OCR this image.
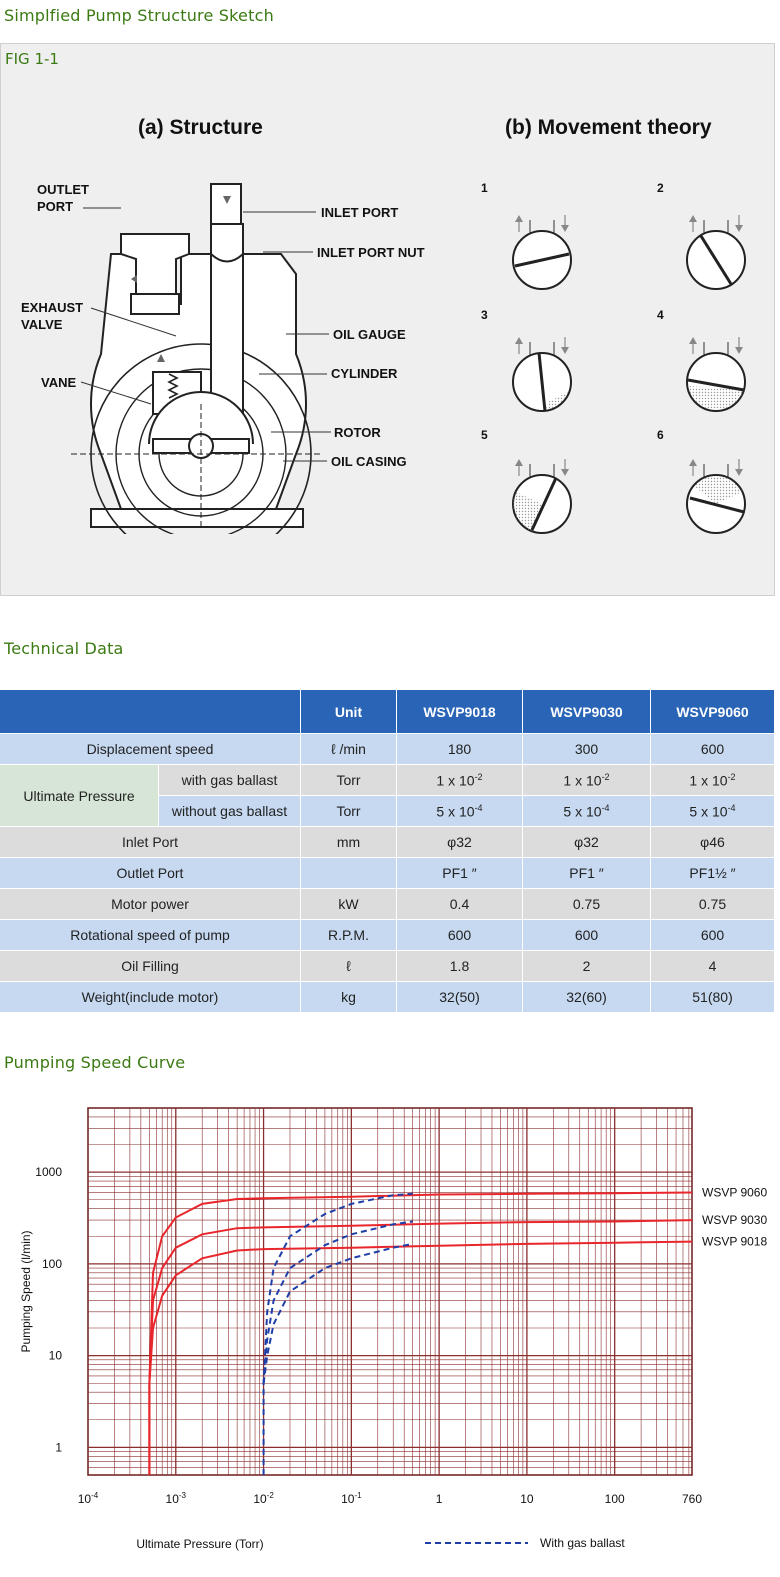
Simplfied Pump Structure Sketch
FIG 1-1
(a) Structure	(b) Movement theory
OUTLET
PORT	INLET PORT
INLET PORT NUT
EXHAUST
VALVE
OIL GAUGE
VANE
CYLINDER
ROTOR
OIL CASING
1	2
3	4
5	6
Technical Data
		Unit	WSVP9018	WSVP9030	WSVP9060
Displacement speed		ℓ /min	180	300	600
Ultimate Pressure	with gas ballast	Torr	1 x $10^{-2}$	1 x $10^{-2}$	1 x $10^{-2}$
	without gas ballast	Torr	5 x $10^{-4}$	5 x $10^{-4}$	5 x $10^{-4}$
Inlet Port		mm	φ32	φ32	φ46
Outlet Port			PF1 ″	PF1 ″	PF1½ ″
Motor power		kW	0.4	0.75	0.75
Rotational speed of pump		R.P.M.	600	600	600
Oil Filling		ℓ	1.8	2	4
Weight(include motor)		kg	32(50)	32(60)	51(80)
Pumping Speed Curve
WSVP 9060
WSVP 9030
WSVP 9018
1
10
100
1000
$10^{-4}$	$10^{-3}$	$10^{-2}$	$10^{-1}$	1	10	100	760
Pumping Speed (l/min)
Ultimate Pressure (Torr)	With gas ballast
